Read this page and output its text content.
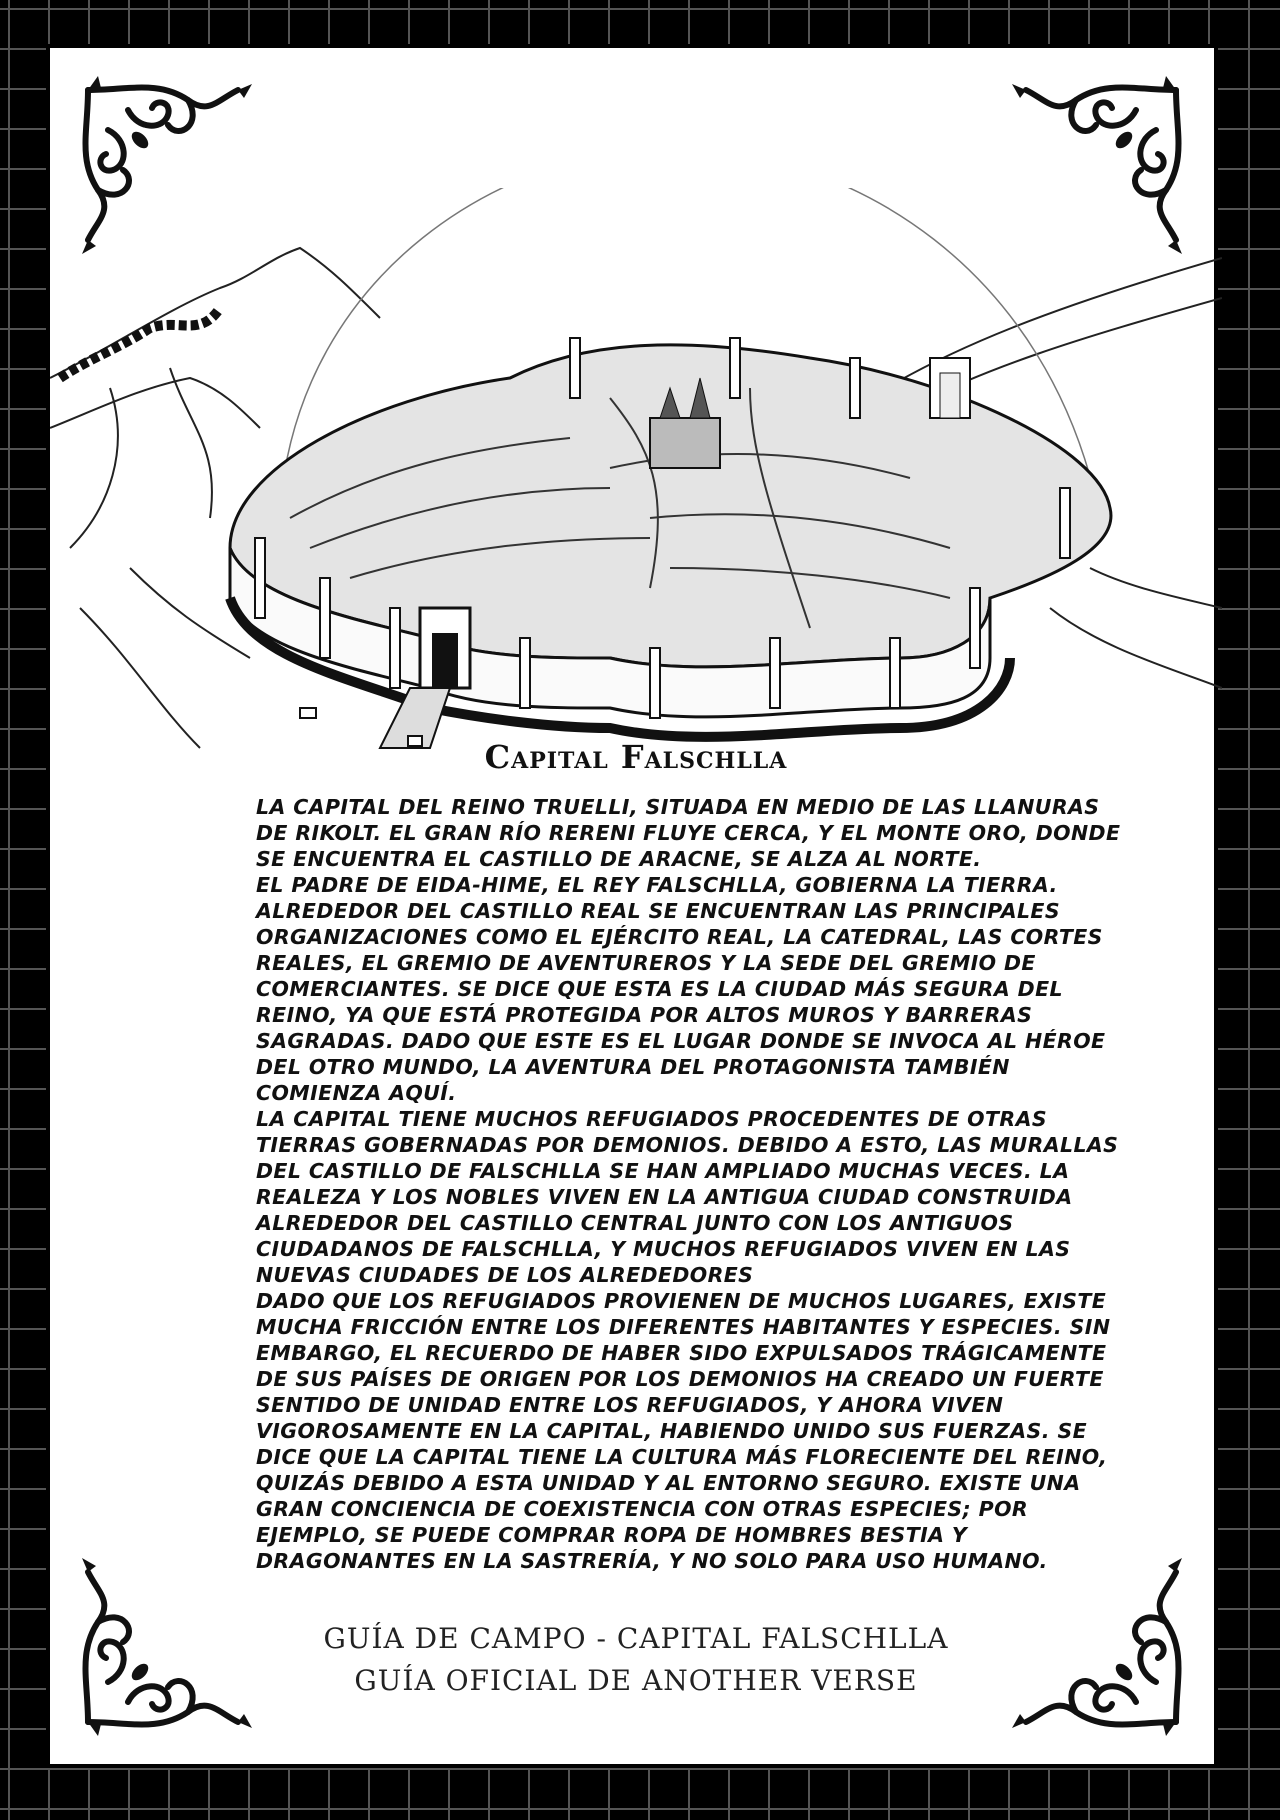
Capital Falschlla

LA CAPITAL DEL REINO TRUELLI, SITUADA EN MEDIO DE LAS LLANURAS DE RIKOLT. EL GRAN RÍO RERENI FLUYE CERCA, Y EL MONTE ORO, DONDE SE ENCUENTRA EL CASTILLO DE ARACNE, SE ALZA AL NORTE.

EL PADRE DE EIDA-HIME, EL REY FALSCHLLA, GOBIERNA LA TIERRA. ALREDEDOR DEL CASTILLO REAL SE ENCUENTRAN LAS PRINCIPALES ORGANIZACIONES COMO EL EJÉRCITO REAL, LA CATEDRAL, LAS CORTES REALES, EL GREMIO DE AVENTUREROS Y LA SEDE DEL GREMIO DE COMERCIANTES. SE DICE QUE ESTA ES LA CIUDAD MÁS SEGURA DEL REINO, YA QUE ESTÁ PROTEGIDA POR ALTOS MUROS Y BARRERAS SAGRADAS. DADO QUE ESTE ES EL LUGAR DONDE SE INVOCA AL HÉROE DEL OTRO MUNDO, LA AVENTURA DEL PROTAGONISTA TAMBIÉN COMIENZA AQUÍ.

LA CAPITAL TIENE MUCHOS REFUGIADOS PROCEDENTES DE OTRAS TIERRAS GOBERNADAS POR DEMONIOS. DEBIDO A ESTO, LAS MURALLAS DEL CASTILLO DE FALSCHLLA SE HAN AMPLIADO MUCHAS VECES. LA REALEZA Y LOS NOBLES VIVEN EN LA ANTIGUA CIUDAD CONSTRUIDA ALREDEDOR DEL CASTILLO CENTRAL JUNTO CON LOS ANTIGUOS CIUDADANOS DE FALSCHLLA, Y MUCHOS REFUGIADOS VIVEN EN LAS NUEVAS CIUDADES DE LOS ALREDEDORES

DADO QUE LOS REFUGIADOS PROVIENEN DE MUCHOS LUGARES, EXISTE MUCHA FRICCIÓN ENTRE LOS DIFERENTES HABITANTES Y ESPECIES. SIN EMBARGO, EL RECUERDO DE HABER SIDO EXPULSADOS TRÁGICAMENTE DE SUS PAÍSES DE ORIGEN POR LOS DEMONIOS HA CREADO UN FUERTE SENTIDO DE UNIDAD ENTRE LOS REFUGIADOS, Y AHORA VIVEN VIGOROSAMENTE EN LA CAPITAL, HABIENDO UNIDO SUS FUERZAS. SE DICE QUE LA CAPITAL TIENE LA CULTURA MÁS FLORECIENTE DEL REINO, QUIZÁS DEBIDO A ESTA UNIDAD Y AL ENTORNO SEGURO. EXISTE UNA GRAN CONCIENCIA DE COEXISTENCIA CON OTRAS ESPECIES; POR EJEMPLO, SE PUEDE COMPRAR ROPA DE HOMBRES BESTIA Y DRAGONANTES EN LA SASTRERÍA, Y NO SOLO PARA USO HUMANO.

GUÍA DE CAMPO - CAPITAL FALSCHLLA
GUÍA OFICIAL DE ANOTHER VERSE
